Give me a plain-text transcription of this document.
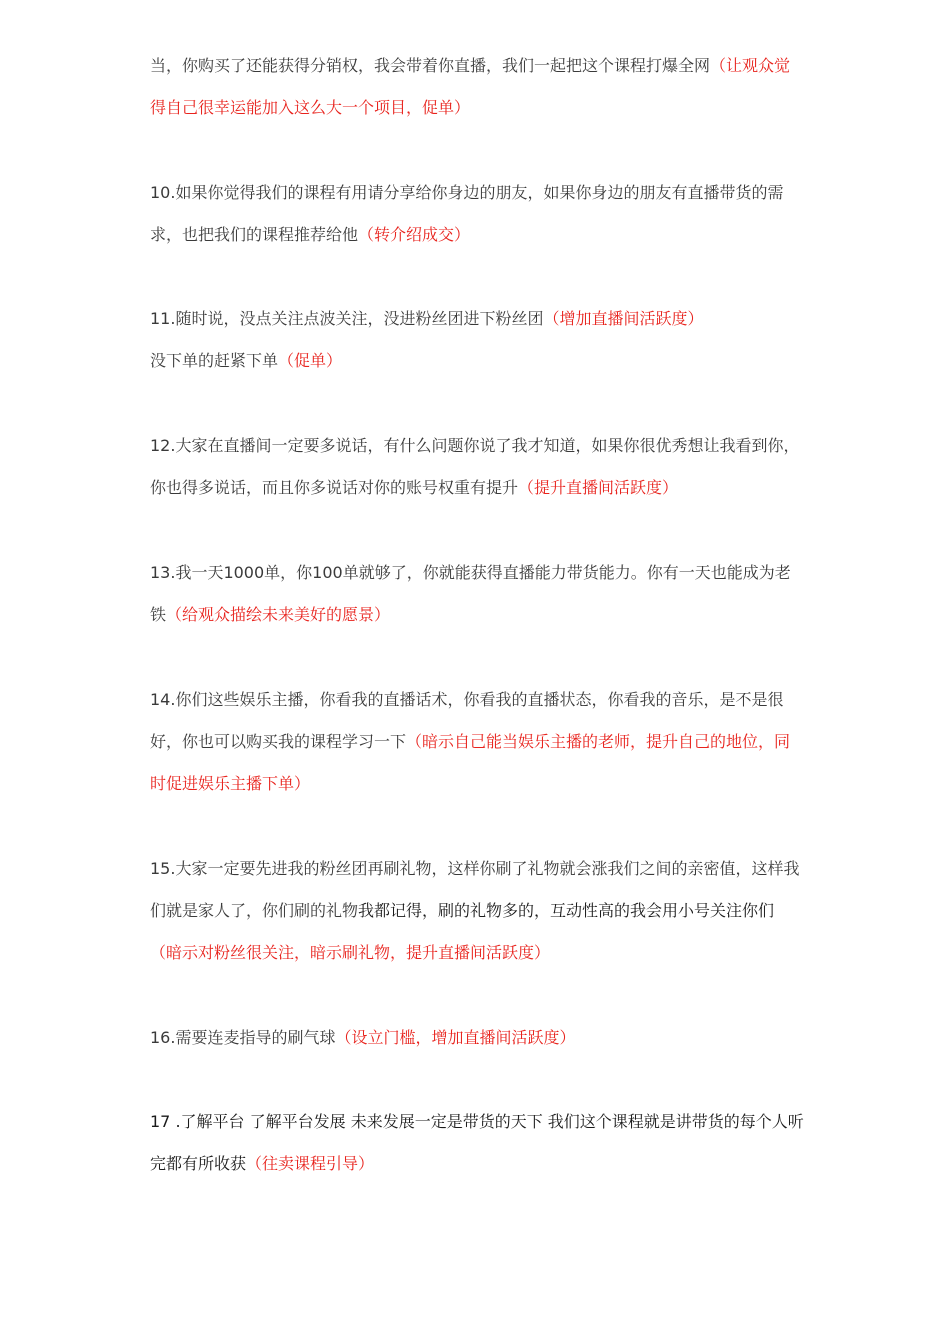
当，你购买了还能获得分销权，我会带着你直播，我们一起把这个课程打爆全网（让观众觉得自己很幸运能加入这么大一个项目，促单）

10.如果你觉得我们的课程有用请分享给你身边的朋友，如果你身边的朋友有直播带货的需求，也把我们的课程推荐给他（转介绍成交）

11.随时说，没点关注点波关注，没进粉丝团进下粉丝团（增加直播间活跃度）
没下单的赶紧下单（促单）

12.大家在直播间一定要多说话，有什么问题你说了我才知道，如果你很优秀想让我看到你，你也得多说话，而且你多说话对你的账号权重有提升（提升直播间活跃度）

13.我一天1000单，你100单就够了，你就能获得直播能力带货能力。你有一天也能成为老铁（给观众描绘未来美好的愿景）

14.你们这些娱乐主播，你看我的直播话术，你看我的直播状态，你看我的音乐，是不是很好，你也可以购买我的课程学习一下（暗示自己能当娱乐主播的老师，提升自己的地位，同时促进娱乐主播下单）

15.大家一定要先进我的粉丝团再刷礼物，这样你刷了礼物就会涨我们之间的亲密值，这样我们就是家人了，你们刷的礼物我都记得，刷的礼物多的，互动性高的我会用小号关注你们（暗示对粉丝很关注，暗示刷礼物，提升直播间活跃度）

16.需要连麦指导的刷气球（设立门槛，增加直播间活跃度）

17 .了解平台 了解平台发展 未来发展一定是带货的天下 我们这个课程就是讲带货的每个人听完都有所收获（往卖课程引导）
